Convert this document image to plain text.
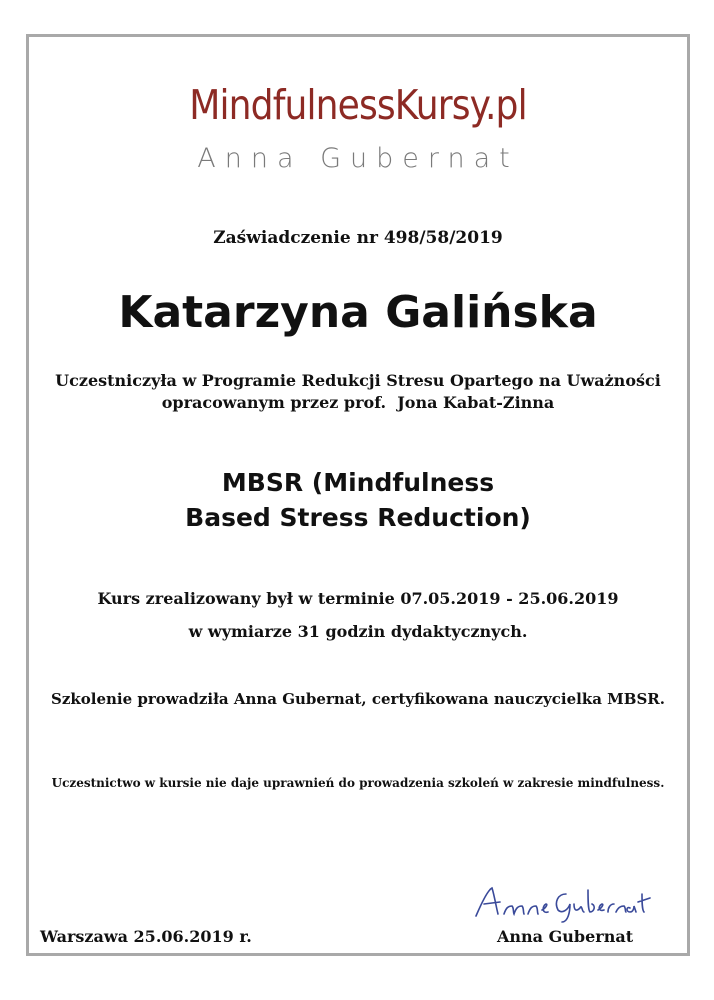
MindfulnessKursy.pl
Anna Gubernat
Zaświadczenie nr 498/58/2019
Katarzyna Galińska
Uczestniczyła w Programie Redukcji Stresu Opartego na Uważności
opracowanym przez prof.  Jona Kabat-Zinna
MBSR (Mindfulness
Based Stress Reduction)
Kurs zrealizowany był w terminie 07.05.2019 - 25.06.2019
w wymiarze 31 godzin dydaktycznych.
Szkolenie prowadziła Anna Gubernat, certyfikowana nauczycielka MBSR.
Uczestnictwo w kursie nie daje uprawnień do prowadzenia szkoleń w zakresie mindfulness.
Warszawa 25.06.2019 r.	Anna Gubernat
